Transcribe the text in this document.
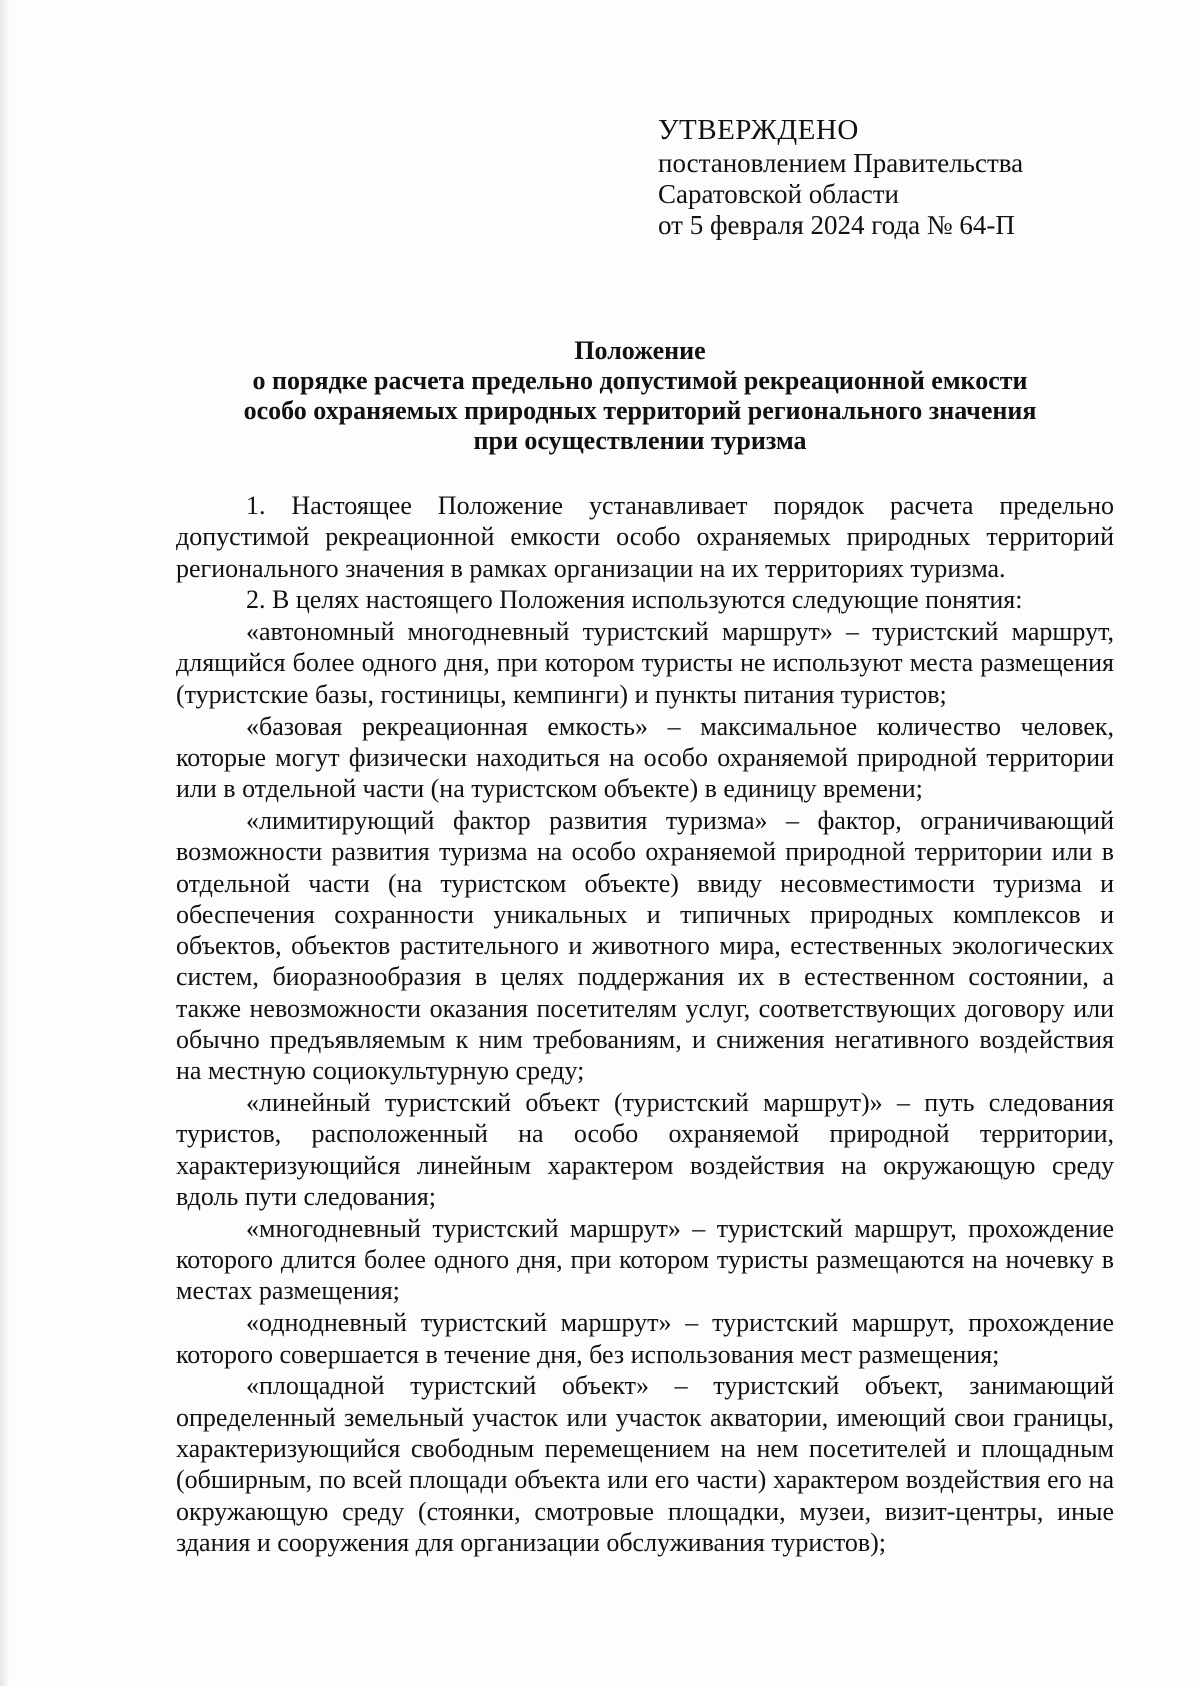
УТВЕРЖДЕНО
постановлением Правительства
Саратовской области
от 5 февраля 2024 года № 64-П
Положение
о порядке расчета предельно допустимой рекреационной емкости
особо охраняемых природных территорий регионального значения
при осуществлении туризма

1. Настоящее Положение устанавливает порядок расчета предельно допустимой рекреационной емкости особо охраняемых природных территорий регионального значения в рамках организации на их территориях туризма.

2. В целях настоящего Положения используются следующие понятия:

«автономный многодневный туристский маршрут» – туристский маршрут, длящийся более одного дня, при котором туристы не используют места размещения (туристские базы, гостиницы, кемпинги) и пункты питания туристов;

«базовая рекреационная емкость» – максимальное количество человек, которые могут физически находиться на особо охраняемой природной территории или в отдельной части (на туристском объекте) в единицу времени;

«лимитирующий фактор развития туризма» – фактор, ограничивающий возможности развития туризма на особо охраняемой природной территории или в отдельной части (на туристском объекте) ввиду несовместимости туризма и обеспечения сохранности уникальных и типичных природных комплексов и объектов, объектов растительного и животного мира, естественных экологических систем, биоразнообразия в целях поддержания их в естественном состоянии, а также невозможности оказания посетителям услуг, соответствующих договору или обычно предъявляемым к ним требованиям, и снижения негативного воздействия на местную социокультурную среду;

«линейный туристский объект (туристский маршрут)» – путь следования туристов, расположенный на особо охраняемой природной территории, характеризующийся линейным характером воздействия на окружающую среду вдоль пути следования;

«многодневный туристский маршрут» – туристский маршрут, прохождение которого длится более одного дня, при котором туристы размещаются на ночевку в местах размещения;

«однодневный туристский маршрут» – туристский маршрут, прохождение которого совершается в течение дня, без использования мест размещения;

«площадной туристский объект» – туристский объект, занимающий определенный земельный участок или участок акватории, имеющий свои границы, характеризующийся свободным перемещением на нем посетителей и площадным (обширным, по всей площади объекта или его части) характером воздействия его на окружающую среду (стоянки, смотровые площадки, музеи, визит-центры, иные здания и сооружения для организации обслуживания туристов);
